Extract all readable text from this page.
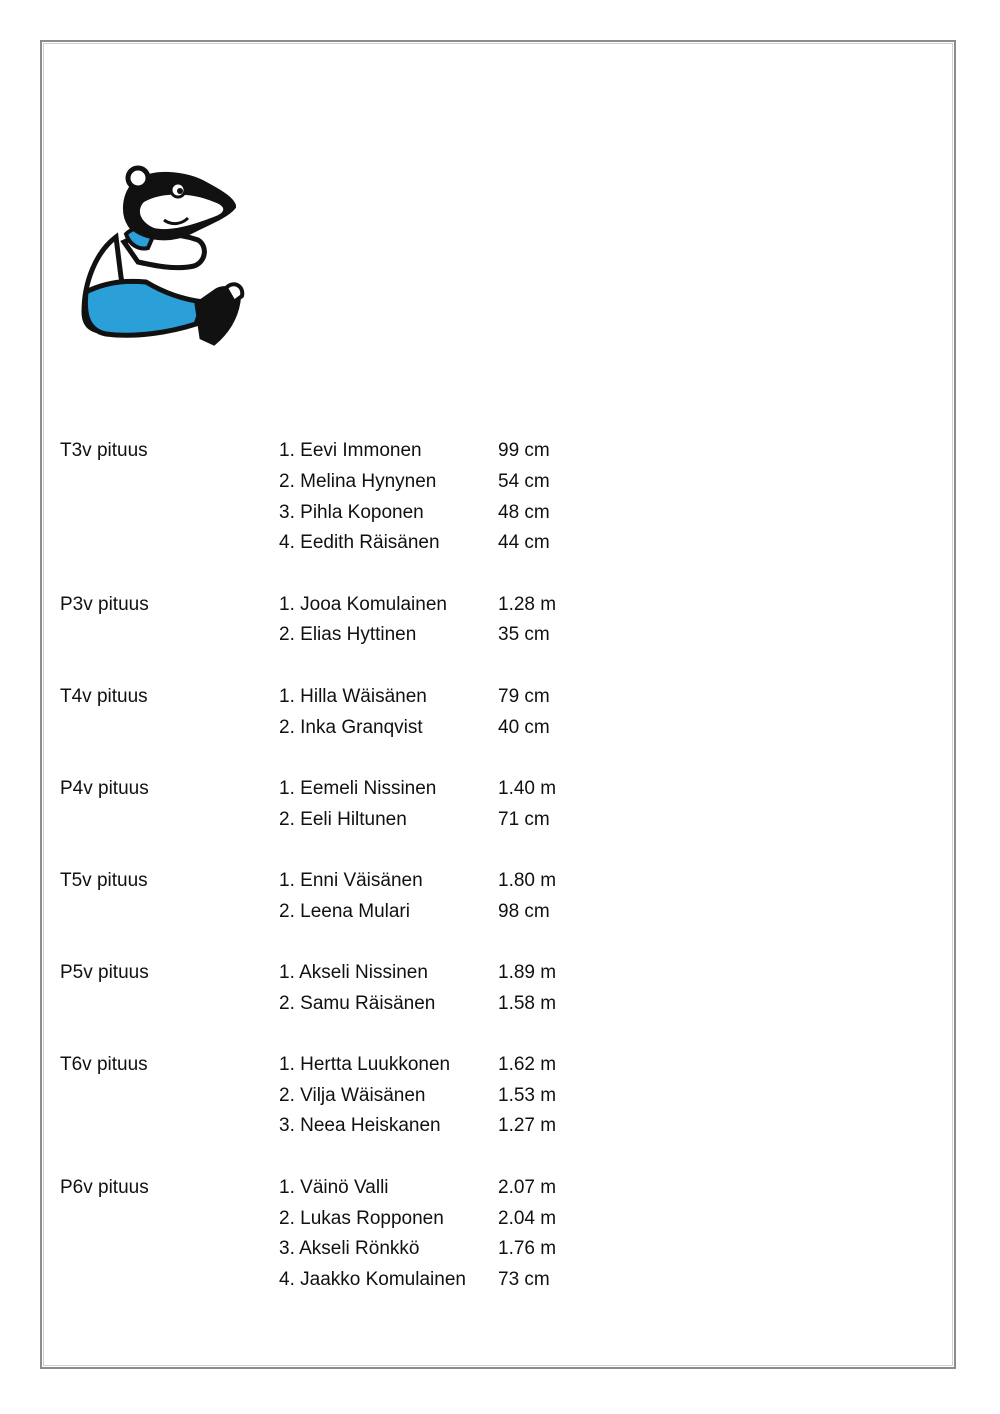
T3v pituus	1. Eevi Immonen	99 cm
2. Melina Hynynen	54 cm
3. Pihla Koponen	48 cm
4. Eedith Räisänen	44 cm
P3v pituus	1. Jooa Komulainen	1.28 m
2. Elias Hyttinen	35 cm
T4v pituus	1. Hilla Wäisänen	79 cm
2. Inka Granqvist	40 cm
P4v pituus	1. Eemeli Nissinen	1.40 m
2. Eeli Hiltunen	71 cm
T5v pituus	1. Enni Väisänen	1.80 m
2. Leena Mulari	98 cm
P5v pituus	1. Akseli Nissinen	1.89 m
2. Samu Räisänen	1.58 m
T6v pituus	1. Hertta Luukkonen	1.62 m
2. Vilja Wäisänen	1.53 m
3. Neea Heiskanen	1.27 m
P6v pituus	1. Väinö Valli	2.07 m
2. Lukas Ropponen	2.04 m
3. Akseli Rönkkö	1.76 m
4. Jaakko Komulainen	73 cm
